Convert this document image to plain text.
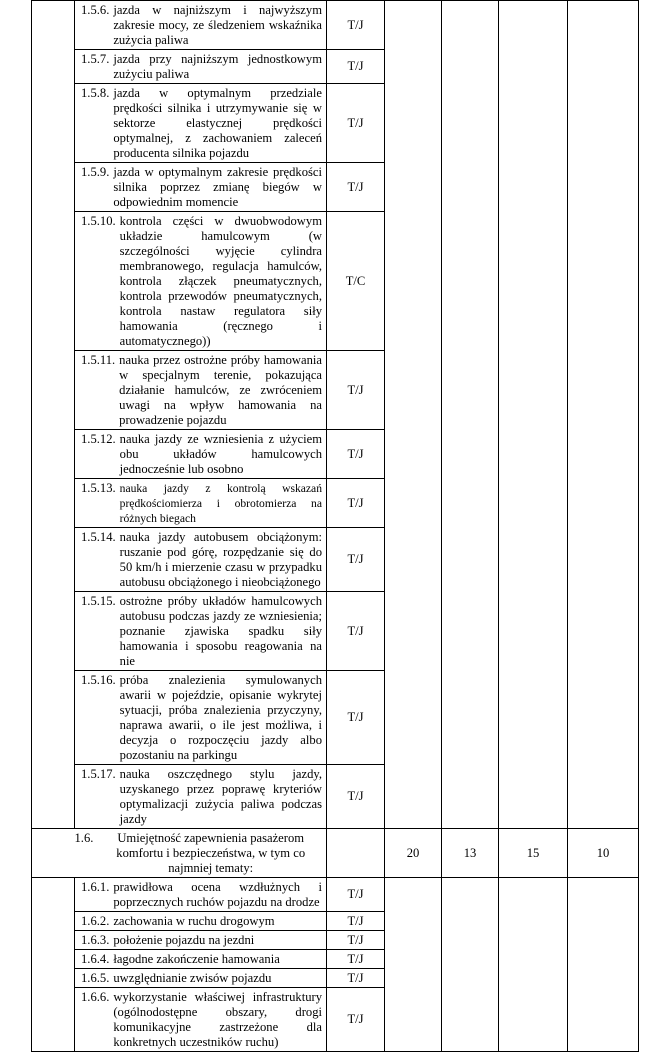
	1.5.6. jazda w najniższym i najwyższym zakresie mocy, ze śledzeniem wskaźnika zużycia paliwa	T/J				

	1.5.7. jazda przy najniższym jednostkowym zużyciu paliwa	T/J				

	1.5.8. jazda w optymalnym przedziale prędkości silnika i utrzymywanie się w sektorze elastycznej prędkości optymalnej, z zachowaniem zaleceń producenta silnika pojazdu	T/J				

	1.5.9. jazda w optymalnym zakresie prędkości silnika poprzez zmianę biegów w odpowiednim momencie	T/J				

	1.5.10. kontrola części w dwuobwodowym układzie hamulcowym (w szczególności wyjęcie cylindra membranowego, regulacja hamulców, kontrola złączek pneumatycznych, kontrola przewodów pneumatycznych, kontrola nastaw regulatora siły hamowania (ręcznego i automatycznego))	T/C				

	1.5.11. nauka przez ostrożne próby hamowania w specjalnym terenie, pokazująca działanie hamulców, ze zwróceniem uwagi na wpływ hamowania na prowadzenie pojazdu	T/J				

	1.5.12. nauka jazdy ze wzniesienia z użyciem obu układów hamulcowych jednocześnie lub osobno	T/J				

	1.5.13. nauka jazdy z kontrolą wskazań prędkościomierza i obrotomierza na różnych biegach	T/J				

	1.5.14. nauka jazdy autobusem obciążonym: ruszanie pod górę, rozpędzanie się do 50 km/h i mierzenie czasu w przypadku autobusu obciążonego i nieobciążonego	T/J				

	1.5.15. ostrożne próby układów hamulcowych autobusu podczas jazdy ze wzniesienia; poznanie zjawiska spadku siły hamowania i sposobu reagowania na nie	T/J				

	1.5.16. próba znalezienia symulowanych awarii w pojeździe, opisanie wykrytej sytuacji, próba znalezienia przyczyny, naprawa awarii, o ile jest możliwa, i decyzja o rozpoczęciu jazdy albo pozostaniu na parkingu	T/J				

	1.5.17. nauka oszczędnego stylu jazdy, uzyskanego przez poprawę kryteriów optymalizacji zużycia paliwa podczas jazdy	T/J				

	1.6. Umiejętność zapewnienia pasażerom komfortu i bezpieczeństwa, w tym co najmniej tematy:		20	13	15	10

	1.6.1. prawidłowa ocena wzdłużnych i poprzecznych ruchów pojazdu na drodze	T/J				

	1.6.2. zachowania w ruchu drogowym	T/J				

	1.6.3. położenie pojazdu na jezdni	T/J				

	1.6.4. łagodne zakończenie hamowania	T/J				

	1.6.5. uwzględnianie zwisów pojazdu	T/J				

	1.6.6. wykorzystanie właściwej infrastruktury (ogólnodostępne obszary, drogi komunikacyjne zastrzeżone dla konkretnych uczestników ruchu)	T/J				
